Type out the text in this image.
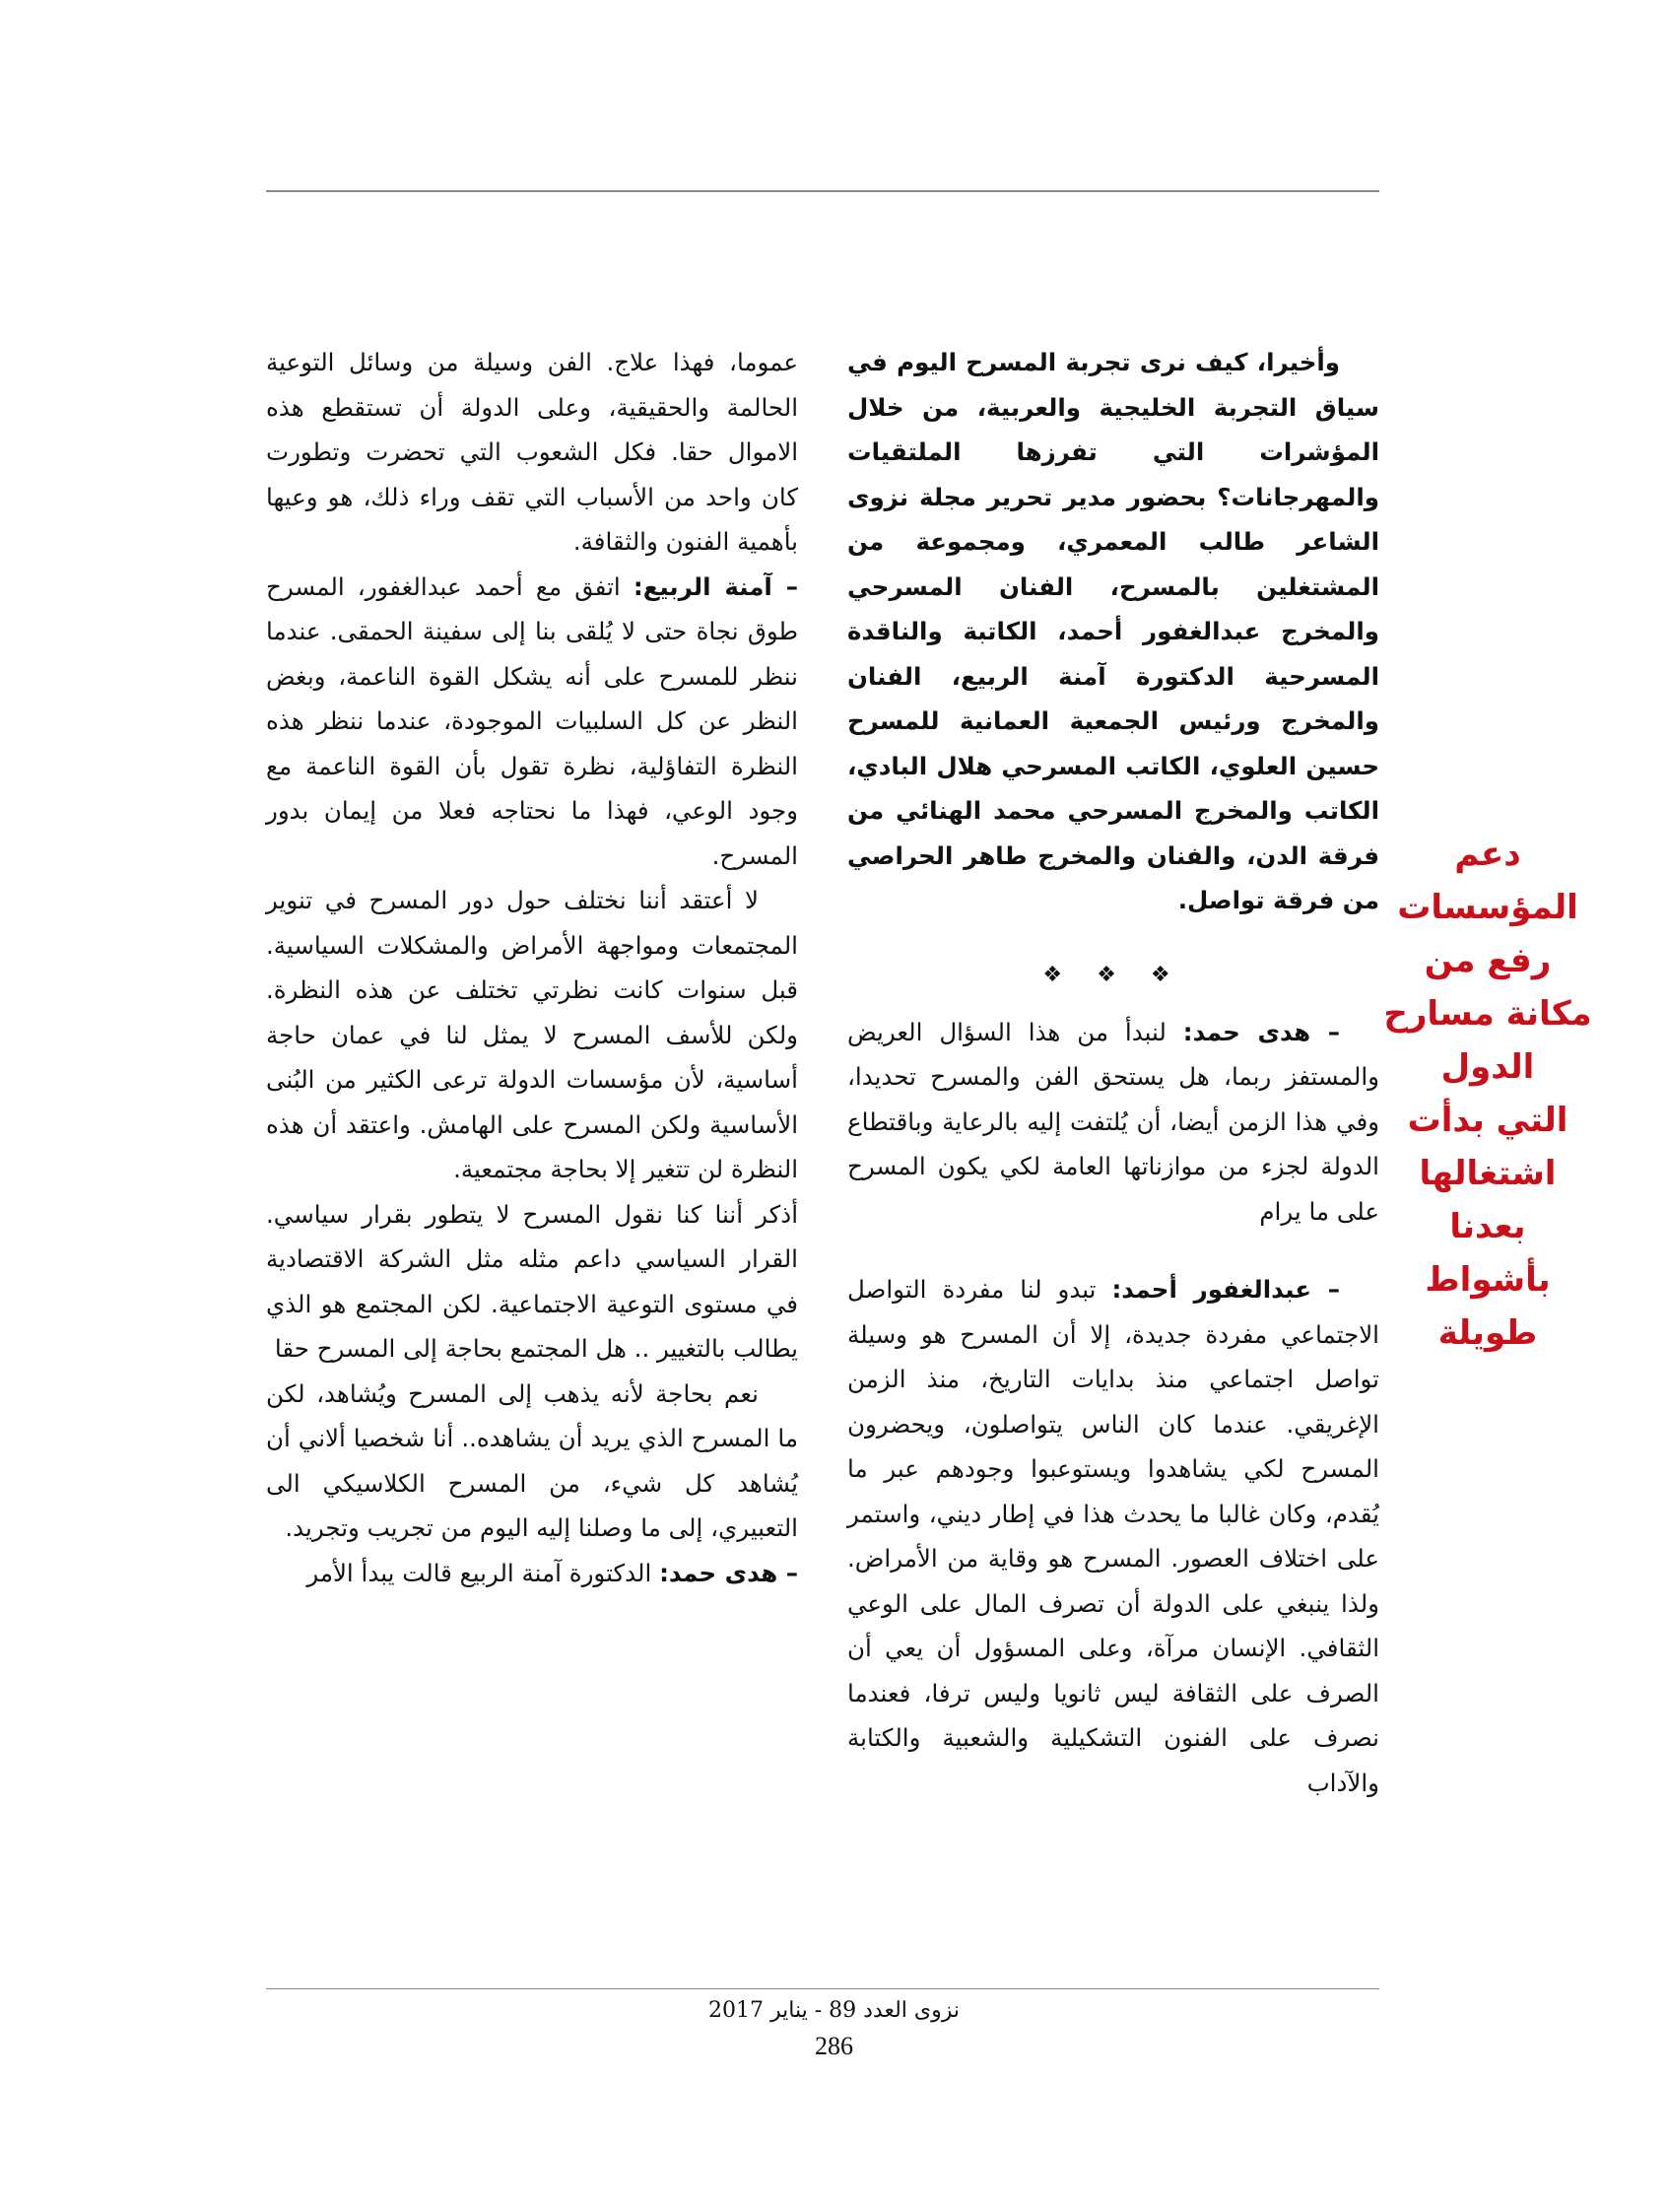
وأخيرا، كيف نرى تجربة المسرح اليوم في سياق التجربة الخليجية والعربية، من خلال المؤشرات التي تفرزها الملتقيات والمهرجانات؟ بحضور مدير تحرير مجلة نزوى الشاعر طالب المعمري، ومجموعة من المشتغلين بالمسرح، الفنان المسرحي والمخرج عبدالغفور أحمد، الكاتبة والناقدة المسرحية الدكتورة آمنة الربيع، الفنان والمخرج ورئيس الجمعية العمانية للمسرح حسين العلوي، الكاتب المسرحي هلال البادي، الكاتب والمخرج المسرحي محمد الهنائي من فرقة الدن، والفنان والمخرج طاهر الحراصي من فرقة تواصل.

❖ ❖ ❖

– هدى حمد: لنبدأ من هذا السؤال العريض والمستفز ربما، هل يستحق الفن والمسرح تحديدا، وفي هذا الزمن أيضا، أن يُلتفت إليه بالرعاية وباقتطاع الدولة لجزء من موازناتها العامة لكي يكون المسرح على ما يرام

– عبدالغفور أحمد: تبدو لنا مفردة التواصل الاجتماعي مفردة جديدة، إلا أن المسرح هو وسيلة تواصل اجتماعي منذ بدايات التاريخ، منذ الزمن الإغريقي. عندما كان الناس يتواصلون، ويحضرون المسرح لكي يشاهدوا ويستوعبوا وجودهم عبر ما يُقدم، وكان غالبا ما يحدث هذا في إطار ديني، واستمر على اختلاف العصور. المسرح هو وقاية من الأمراض. ولذا ينبغي على الدولة أن تصرف المال على الوعي الثقافي. الإنسان مرآة، وعلى المسؤول أن يعي أن الصرف على الثقافة ليس ثانويا وليس ترفا، فعندما نصرف على الفنون التشكيلية والشعبية والكتابة والآداب

عموما، فهذا علاج. الفن وسيلة من وسائل التوعية الحالمة والحقيقية، وعلى الدولة أن تستقطع هذه الاموال حقا. فكل الشعوب التي تحضرت وتطورت كان واحد من الأسباب التي تقف وراء ذلك، هو وعيها بأهمية الفنون والثقافة.

– آمنة الربيع: اتفق مع أحمد عبدالغفور، المسرح طوق نجاة حتى لا يُلقى بنا إلى سفينة الحمقى. عندما ننظر للمسرح على أنه يشكل القوة الناعمة، وبغض النظر عن كل السلبيات الموجودة، عندما ننظر هذه النظرة التفاؤلية، نظرة تقول بأن القوة الناعمة مع وجود الوعي، فهذا ما نحتاجه فعلا من إيمان بدور المسرح.

لا أعتقد أننا نختلف حول دور المسرح في تنوير المجتمعات ومواجهة الأمراض والمشكلات السياسية. قبل سنوات كانت نظرتي تختلف عن هذه النظرة. ولكن للأسف المسرح لا يمثل لنا في عمان حاجة أساسية، لأن مؤسسات الدولة ترعى الكثير من البُنى الأساسية ولكن المسرح على الهامش. واعتقد أن هذه النظرة لن تتغير إلا بحاجة مجتمعية.

أذكر أننا كنا نقول المسرح لا يتطور بقرار سياسي. القرار السياسي داعم مثله مثل الشركة الاقتصادية في مستوى التوعية الاجتماعية. لكن المجتمع هو الذي يطالب بالتغيير .. هل المجتمع بحاجة إلى المسرح حقا

نعم بحاجة لأنه يذهب إلى المسرح ويُشاهد، لكن ما المسرح الذي يريد أن يشاهده.. أنا شخصيا ألاني أن يُشاهد كل شيء، من المسرح الكلاسيكي الى التعبيري، إلى ما وصلنا إليه اليوم من تجريب وتجريد.

– هدى حمد: الدكتورة آمنة الربيع قالت يبدأ الأمر

دعم
المؤسسات
رفع من
مكانة مسارح
الدول
التي بدأت
اشتغالها
بعدنا
بأشواط
طويلة
نزوى العدد 89 - يناير 2017
286
